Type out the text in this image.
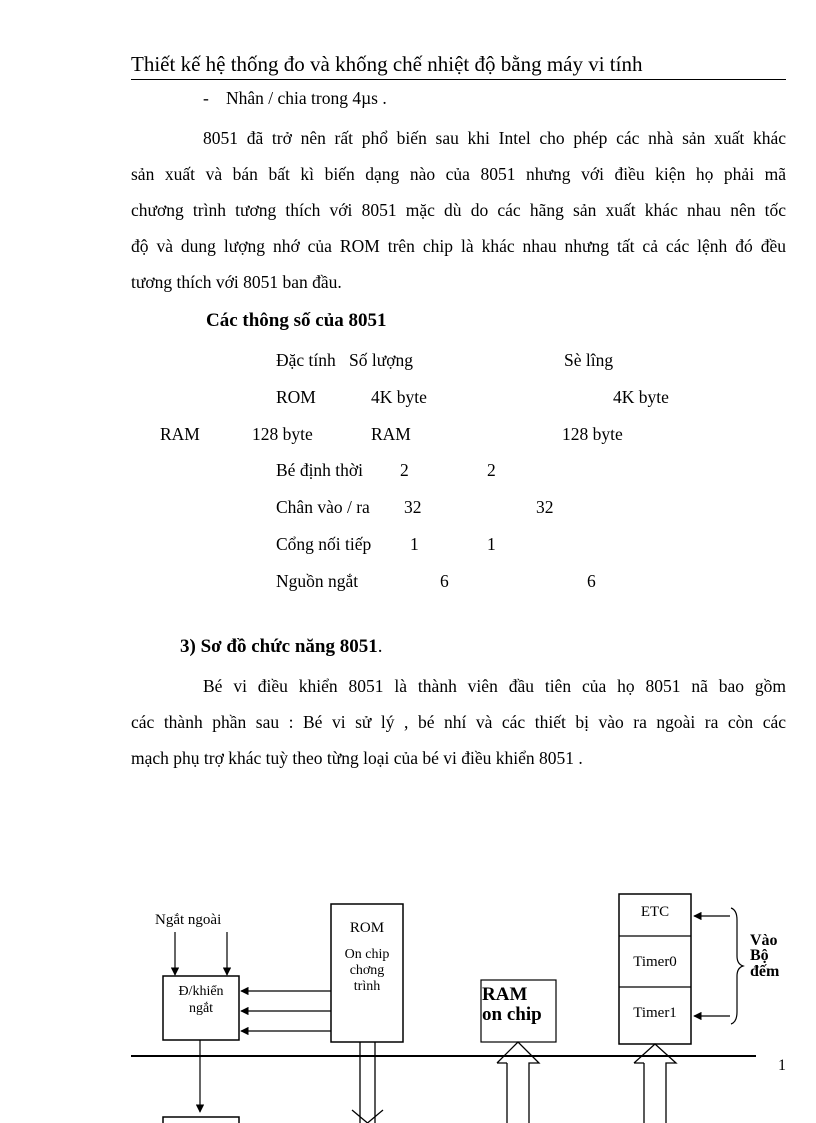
Thiết kế hệ thống đo và khống chế nhiệt độ bằng máy vi tính
- Nhân / chia trong 4µs .
8051 đã trở nên rất phổ biến sau khi Intel cho phép các nhà sản xuất khác
sản xuất và bán bất kì biến dạng nào của 8051 nhưng với điều kiện họ phải mã
chương trình tương thích với 8051 mặc dù do các hãng sản xuất khác nhau nên tốc
độ và dung lượng nhớ của ROM trên chip là khác nhau nhưng tất cả các lệnh đó đều
tương thích với 8051 ban đầu.
Các thông số của 8051
Đặc tính Số lượng	Sè lîng
ROM	4K byte	4K byte
RAM	128 byte	RAM	128 byte
Bé định thời 2	2
Chân vào / ra 32	32
Cổng nối tiếp 1	1
Nguồn ngắt	6	6
3) Sơ đồ chức năng 8051.
Bé vi điều khiển 8051 là thành viên đầu tiên của họ 8051 nã bao gồm
các thành phần sau : Bé vi sử lý , bé nhí và các thiết bị vào ra ngoài ra còn các
mạch phụ trợ khác tuỳ theo từng loại của bé vi điều khiển 8051 .
Ngắt ngoài
Đ/khiển
ngắt
ROM
On chip
chơng
trình	RAM
on chip
ETC
Timer0
Timer1
Vào
Bộ
đếm
1
